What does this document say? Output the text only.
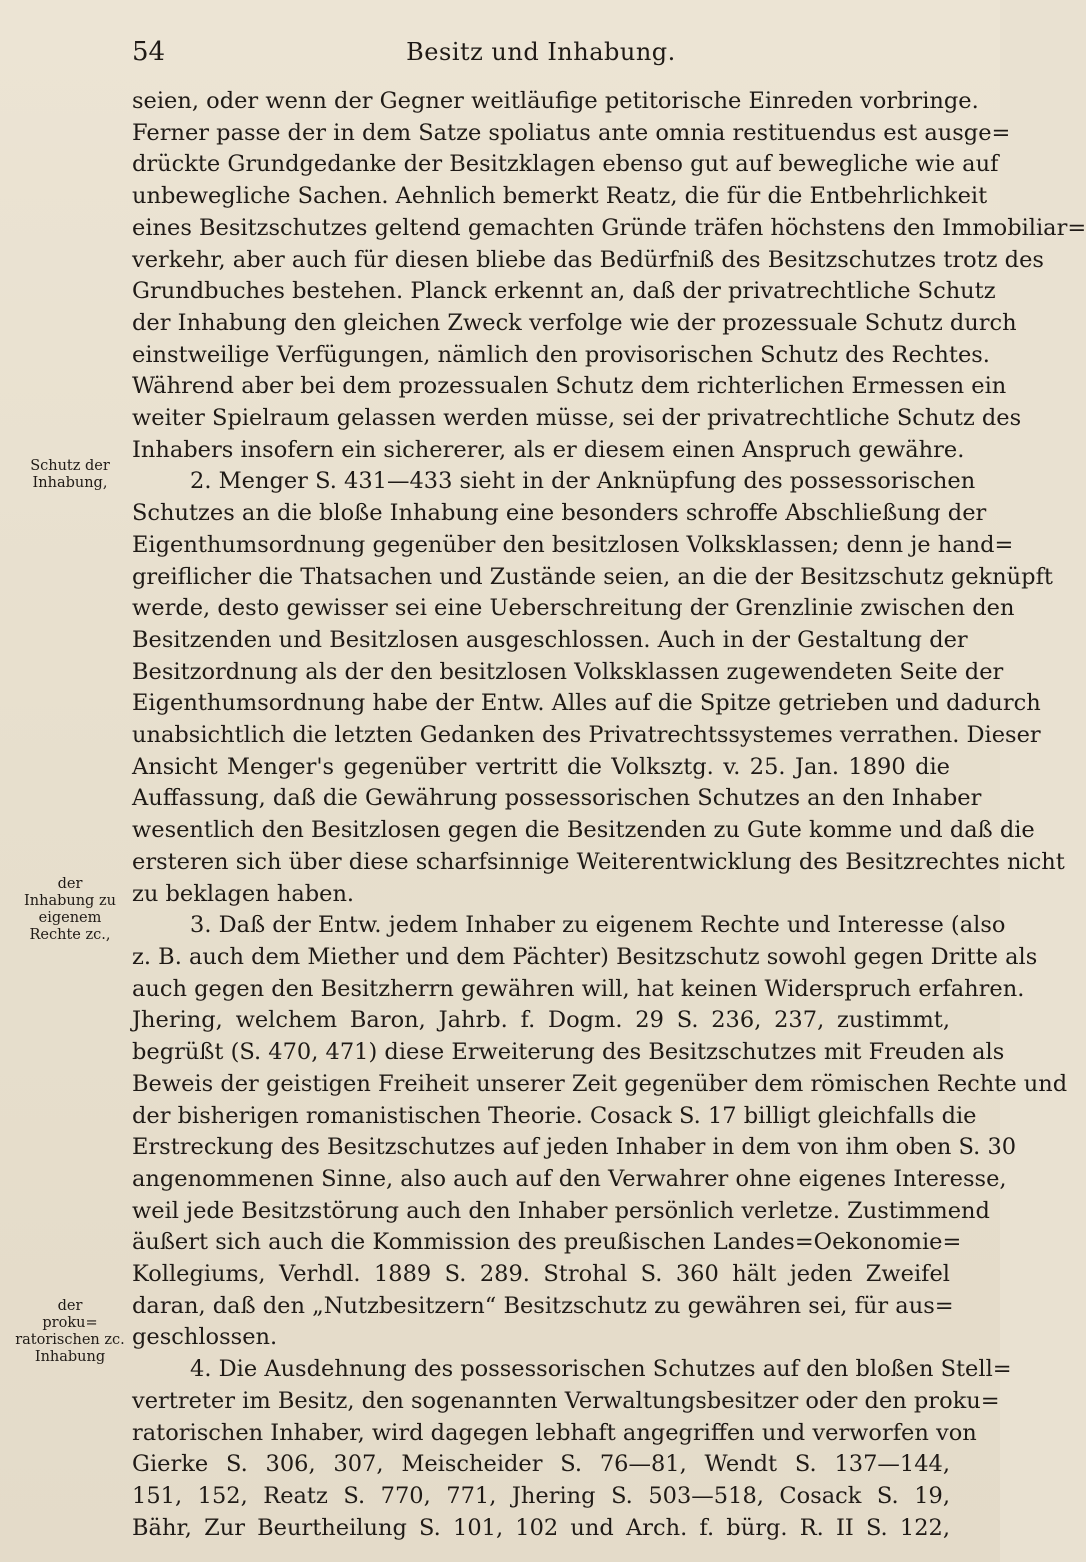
54	Besitz und Inhabung.
Schutz der
Inhabung,
der
Inhabung zu
eigenem
Rechte zc.,
der
proku=
ratorischen zc.
Inhabung
seien, oder wenn der Gegner weitläufige petitorische Einreden vorbringe.
Ferner passe der in dem Satze spoliatus ante omnia restituendus est ausge=
drückte Grundgedanke der Besitzklagen ebenso gut auf bewegliche wie auf
unbewegliche Sachen. Aehnlich bemerkt Reatz, die für die Entbehrlichkeit
eines Besitzschutzes geltend gemachten Gründe träfen höchstens den Immobiliar=
verkehr, aber auch für diesen bliebe das Bedürfniß des Besitzschutzes trotz des
Grundbuches bestehen. Planck erkennt an, daß der privatrechtliche Schutz
der Inhabung den gleichen Zweck verfolge wie der prozessuale Schutz durch
einstweilige Verfügungen, nämlich den provisorischen Schutz des Rechtes.
Während aber bei dem prozessualen Schutz dem richterlichen Ermessen ein
weiter Spielraum gelassen werden müsse, sei der privatrechtliche Schutz des
Inhabers insofern ein sichererer, als er diesem einen Anspruch gewähre.
2. Menger S. 431—433 sieht in der Anknüpfung des possessorischen
Schutzes an die bloße Inhabung eine besonders schroffe Abschließung der
Eigenthumsordnung gegenüber den besitzlosen Volksklassen; denn je hand=
greiflicher die Thatsachen und Zustände seien, an die der Besitzschutz geknüpft
werde, desto gewisser sei eine Ueberschreitung der Grenzlinie zwischen den
Besitzenden und Besitzlosen ausgeschlossen. Auch in der Gestaltung der
Besitzordnung als der den besitzlosen Volksklassen zugewendeten Seite der
Eigenthumsordnung habe der Entw. Alles auf die Spitze getrieben und dadurch
unabsichtlich die letzten Gedanken des Privatrechtssystemes verrathen. Dieser
Ansicht Menger's gegenüber vertritt die Volksztg. v. 25. Jan. 1890 die
Auffassung, daß die Gewährung possessorischen Schutzes an den Inhaber
wesentlich den Besitzlosen gegen die Besitzenden zu Gute komme und daß die
ersteren sich über diese scharfsinnige Weiterentwicklung des Besitzrechtes nicht
zu beklagen haben.
3. Daß der Entw. jedem Inhaber zu eigenem Rechte und Interesse (also
z. B. auch dem Miether und dem Pächter) Besitzschutz sowohl gegen Dritte als
auch gegen den Besitzherrn gewähren will, hat keinen Widerspruch erfahren.
Jhering, welchem Baron, Jahrb. f. Dogm. 29 S. 236, 237, zustimmt,
begrüßt (S. 470, 471) diese Erweiterung des Besitzschutzes mit Freuden als
Beweis der geistigen Freiheit unserer Zeit gegenüber dem römischen Rechte und
der bisherigen romanistischen Theorie. Cosack S. 17 billigt gleichfalls die
Erstreckung des Besitzschutzes auf jeden Inhaber in dem von ihm oben S. 30
angenommenen Sinne, also auch auf den Verwahrer ohne eigenes Interesse,
weil jede Besitzstörung auch den Inhaber persönlich verletze. Zustimmend
äußert sich auch die Kommission des preußischen Landes=Oekonomie=
Kollegiums, Verhdl. 1889 S. 289. Strohal S. 360 hält jeden Zweifel
daran, daß den „Nutzbesitzern“ Besitzschutz zu gewähren sei, für aus=
geschlossen.
4. Die Ausdehnung des possessorischen Schutzes auf den bloßen Stell=
vertreter im Besitz, den sogenannten Verwaltungsbesitzer oder den proku=
ratorischen Inhaber, wird dagegen lebhaft angegriffen und verworfen von
Gierke S. 306, 307, Meischeider S. 76—81, Wendt S. 137—144,
151, 152, Reatz S. 770, 771, Jhering S. 503—518, Cosack S. 19,
Bähr, Zur Beurtheilung S. 101, 102 und Arch. f. bürg. R. II S. 122,
